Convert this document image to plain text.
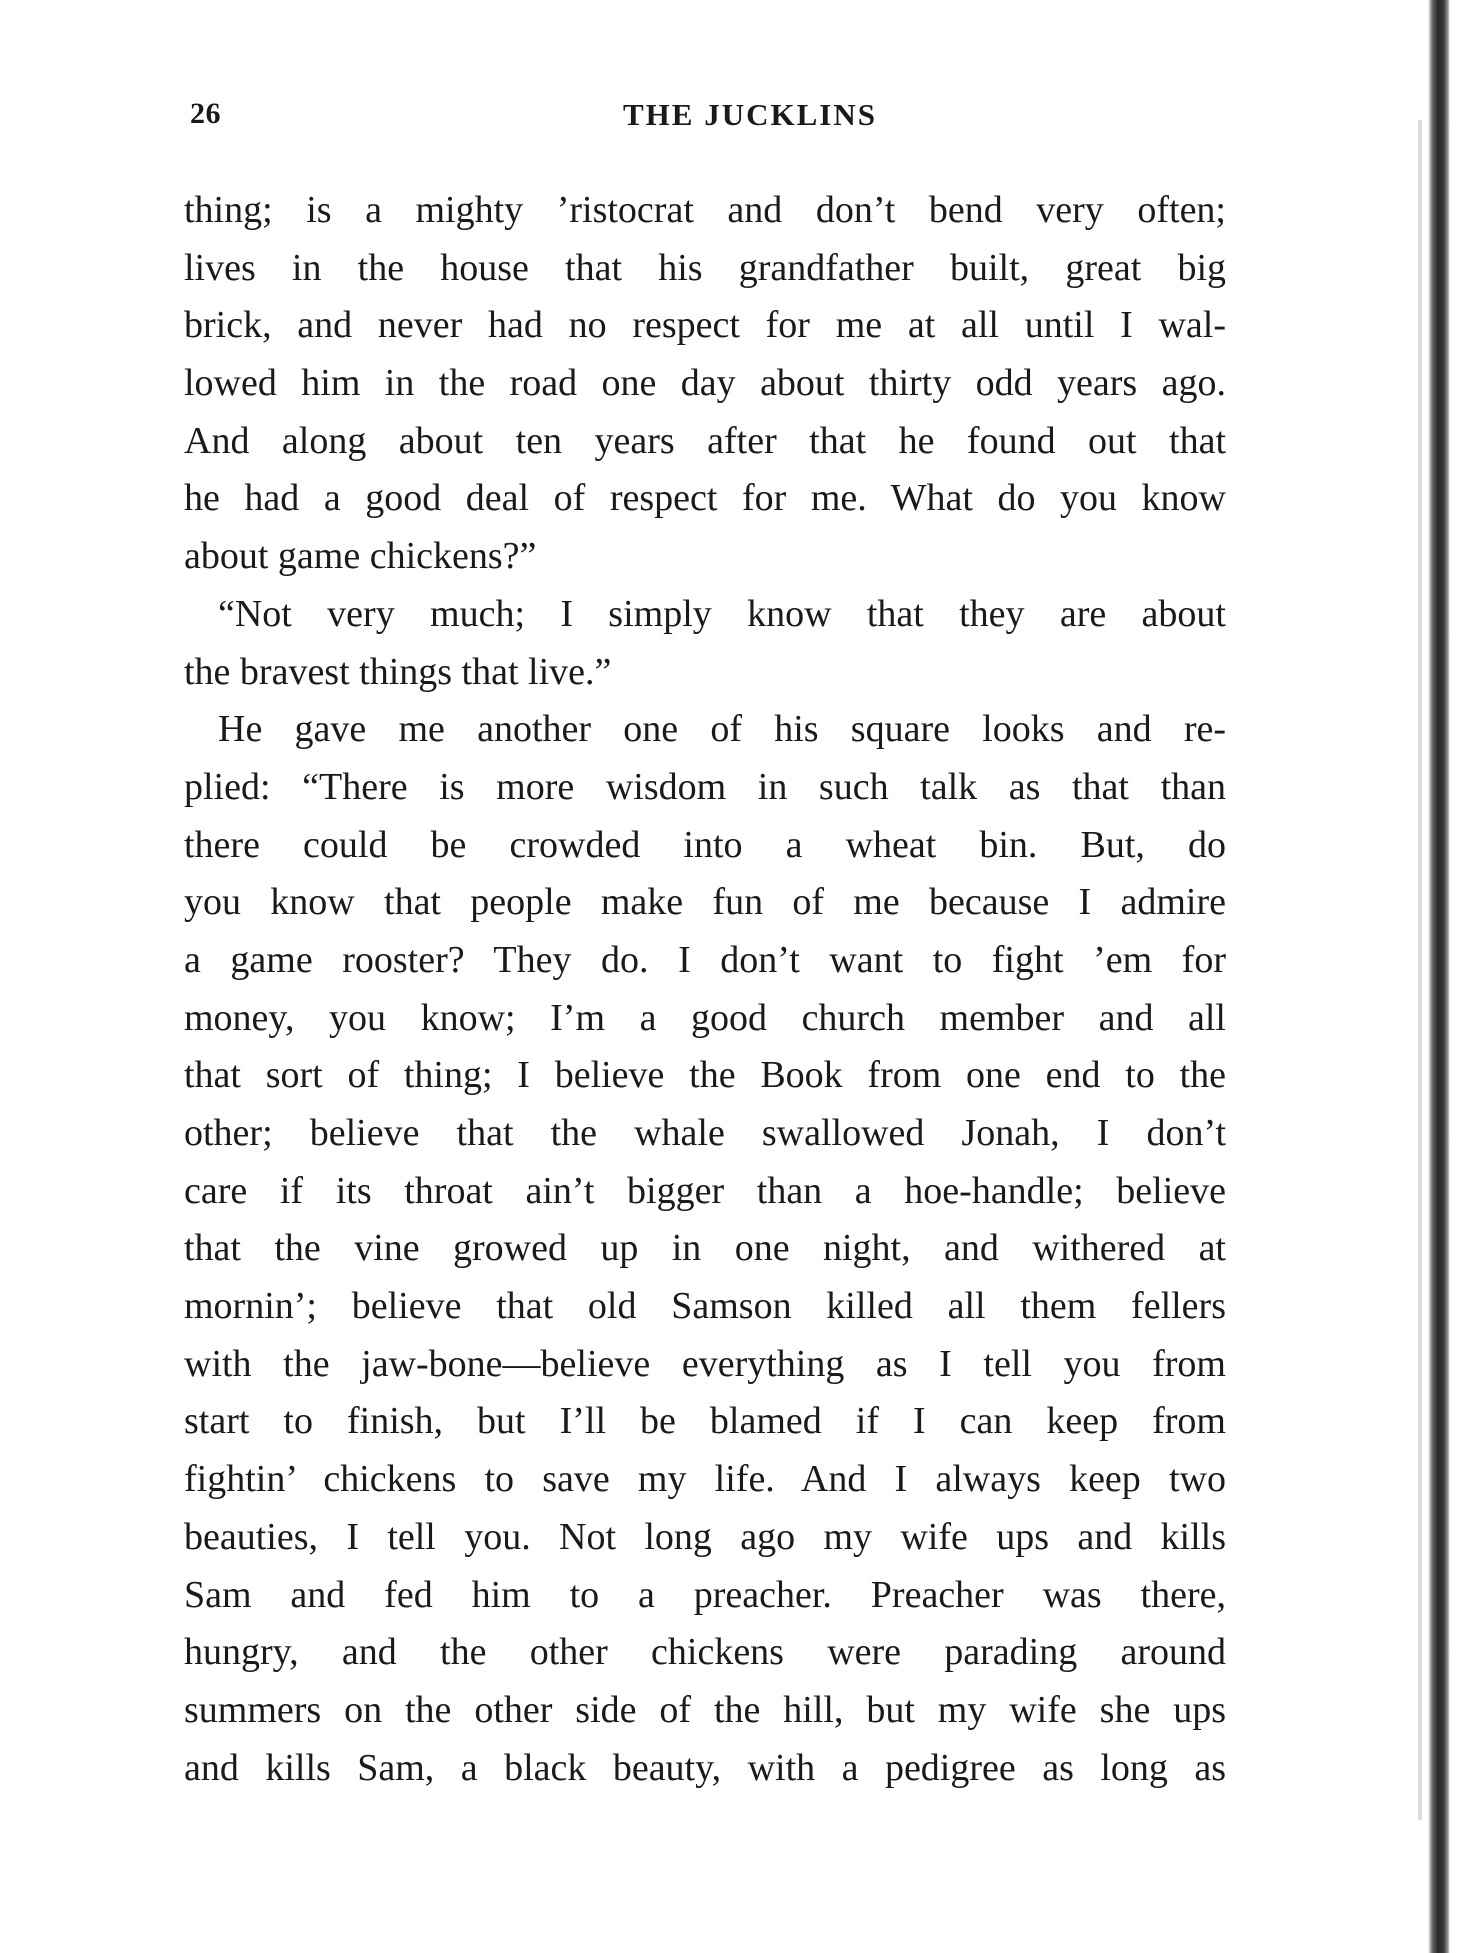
26	THE JUCKLINS
thing; is a mighty ’ristocrat and don’t bend very often;
lives in the house that his grandfather built, great big
brick, and never had no respect for me at all until I wal-
lowed him in the road one day about thirty odd years ago.
And along about ten years after that he found out that
he had a good deal of respect for me. What do you know
about game chickens?”
“Not very much; I simply know that they are about
the bravest things that live.”
He gave me another one of his square looks and re-
plied: “There is more wisdom in such talk as that than
there could be crowded into a wheat bin. But, do
you know that people make fun of me because I admire
a game rooster? They do. I don’t want to fight ’em for
money, you know; I’m a good church member and all
that sort of thing; I believe the Book from one end to the
other; believe that the whale swallowed Jonah, I don’t
care if its throat ain’t bigger than a hoe-handle; believe
that the vine growed up in one night, and withered at
mornin’; believe that old Samson killed all them fellers
with the jaw-bone—believe everything as I tell you from
start to finish, but I’ll be blamed if I can keep from
fightin’ chickens to save my life. And I always keep two
beauties, I tell you. Not long ago my wife ups and kills
Sam and fed him to a preacher. Preacher was there,
hungry, and the other chickens were parading around
summers on the other side of the hill, but my wife she ups
and kills Sam, a black beauty, with a pedigree as long as
